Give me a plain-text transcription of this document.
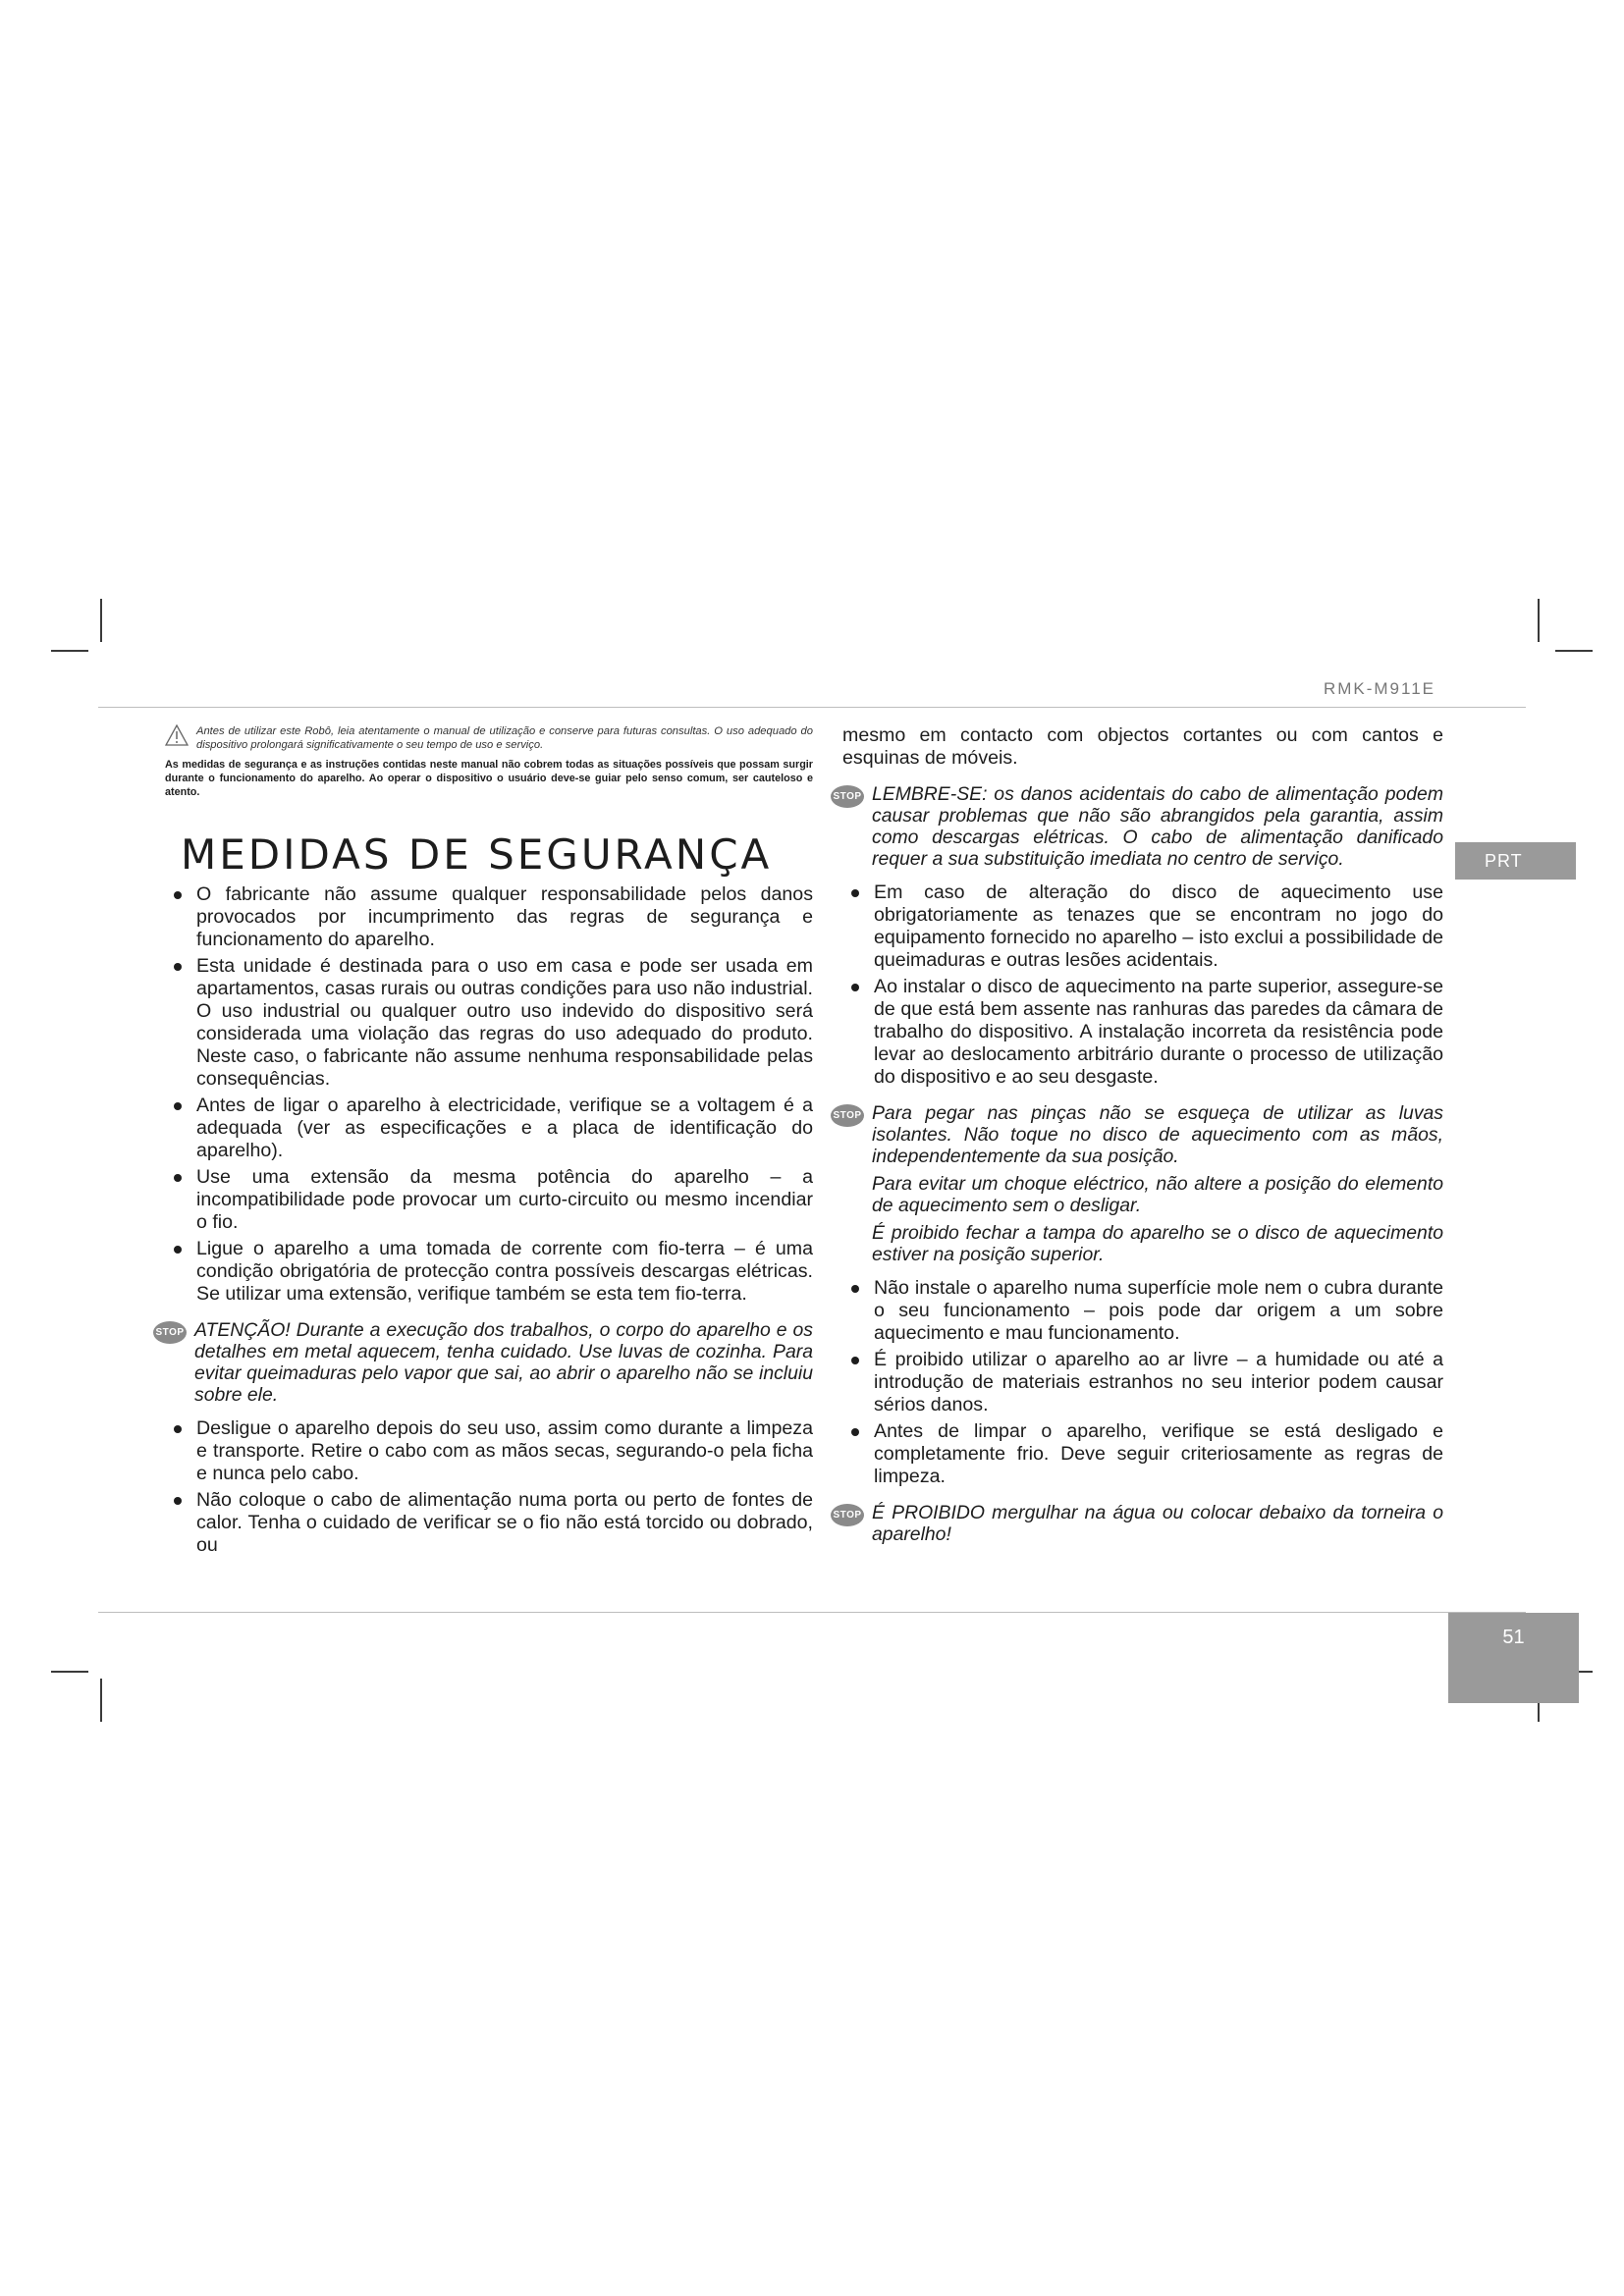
RMK-M911E
PRT

Antes de utilizar este Robô, leia atentamente o manual de utilização e conserve para futuras consultas. O uso adequado do dispositivo prolongará significativamente o seu tempo de uso e serviço.

As medidas de segurança e as instruções contidas neste manual não cobrem todas as situações possíveis que possam surgir durante o funcionamento do aparelho. Ao operar o dispositivo o usuário deve-se guiar pelo senso comum, ser cauteloso e atento.

MEDIDAS DE SEGURANÇA
O fabricante não assume qualquer responsabilidade pelos danos provocados por incumprimento das regras de segurança e funcionamento do aparelho.
Esta unidade é destinada para o uso em casa e pode ser usada em apartamentos, casas rurais ou outras condições para uso não industrial. O uso industrial ou qualquer outro uso indevido do dispositivo será considerada uma violação das regras do uso adequado do produto. Neste caso, o fabricante não assume nenhuma responsabilidade pelas consequências.
Antes de ligar o aparelho à electricidade, verifique se a voltagem é a adequada (ver as especificações e a placa de identificação do aparelho).
Use uma extensão da mesma potência do aparelho – a incompatibilidade pode provocar um curto-circuito ou mesmo incendiar o fio.
Ligue o aparelho a uma tomada de corrente com fio-terra – é uma condição obrigatória de protecção contra possíveis descargas elétricas. Se utilizar uma extensão, verifique também se esta tem fio-terra.
STOP ATENÇÃO! Durante a execução dos trabalhos, o corpo do aparelho e os detalhes em metal aquecem, tenha cuidado. Use luvas de cozinha. Para evitar queimaduras pelo vapor que sai, ao abrir o aparelho não se incluiu sobre ele.

Desligue o aparelho depois do seu uso, assim como durante a limpeza e transporte. Retire o cabo com as mãos secas, segurando-o pela ficha e nunca pelo cabo.
Não coloque o cabo de alimentação numa porta ou perto de fontes de calor. Tenha o cuidado de verificar se o fio não está torcido ou dobrado, ou

mesmo em contacto com objectos cortantes ou com cantos e esquinas de móveis.

STOP LEMBRE-SE: os danos acidentais do cabo de alimentação podem causar problemas que não são abrangidos pela garantia, assim como descargas elétricas. O cabo de alimentação danificado requer a sua substituição imediata no centro de serviço.

Em caso de alteração do disco de aquecimento use obrigatoriamente as tenazes que se encontram no jogo do equipamento fornecido no aparelho – isto exclui a possibilidade de queimaduras e outras lesões acidentais.
Ao instalar o disco de aquecimento na parte superior, assegure-se de que está bem assente nas ranhuras das paredes da câmara de trabalho do dispositivo. A instalação incorreta da resistência pode levar ao deslocamento arbitrário durante o processo de utilização do dispositivo e ao seu desgaste.
STOP Para pegar nas pinças não se esqueça de utilizar as luvas isolantes. Não toque no disco de aquecimento com as mãos, independentemente da sua posição.

Para evitar um choque eléctrico, não altere a posição do elemento de aquecimento sem o desligar.

É proibido fechar a tampa do aparelho se o disco de aquecimento estiver na posição superior.

Não instale o aparelho numa superfície mole nem o cubra durante o seu funcionamento – pois pode dar origem a um sobre aquecimento e mau funcionamento.
É proibido utilizar o aparelho ao ar livre – a humidade ou até a introdução de materiais estranhos no seu interior podem causar sérios danos.
Antes de limpar o aparelho, verifique se está desligado e completamente frio. Deve seguir criteriosamente as regras de limpeza.
STOP É PROIBIDO mergulhar na água ou colocar debaixo da torneira o aparelho!

51
